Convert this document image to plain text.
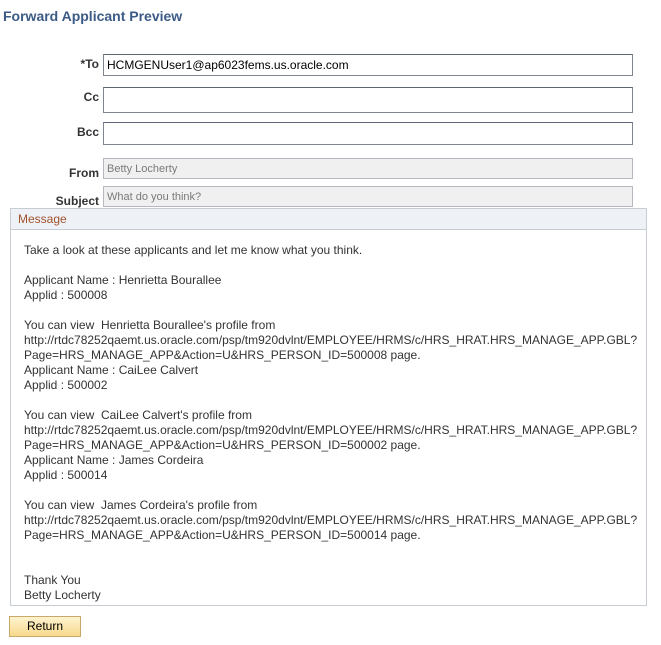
Forward Applicant Preview
*To
HCMGENUser1@ap6023fems.us.oracle.com
Cc
Bcc
From
Betty Locherty
Subject
What do you think?
Message
Take a look at these applicants and let me know what you think.

Applicant Name : Henrietta Bourallee
Applid : 500008

You can view  Henrietta Bourallee's profile from
http://rtdc78252qaemt.us.oracle.com/psp/tm920dvlnt/EMPLOYEE/HRMS/c/HRS_HRAT.HRS_MANAGE_APP.GBL?
Page=HRS_MANAGE_APP&Action=U&HRS_PERSON_ID=500008 page.
Applicant Name : CaiLee Calvert
Applid : 500002

You can view  CaiLee Calvert's profile from
http://rtdc78252qaemt.us.oracle.com/psp/tm920dvlnt/EMPLOYEE/HRMS/c/HRS_HRAT.HRS_MANAGE_APP.GBL?
Page=HRS_MANAGE_APP&Action=U&HRS_PERSON_ID=500002 page.
Applicant Name : James Cordeira
Applid : 500014

You can view  James Cordeira's profile from
http://rtdc78252qaemt.us.oracle.com/psp/tm920dvlnt/EMPLOYEE/HRMS/c/HRS_HRAT.HRS_MANAGE_APP.GBL?
Page=HRS_MANAGE_APP&Action=U&HRS_PERSON_ID=500014 page.

Thank You
Betty Locherty
Return
